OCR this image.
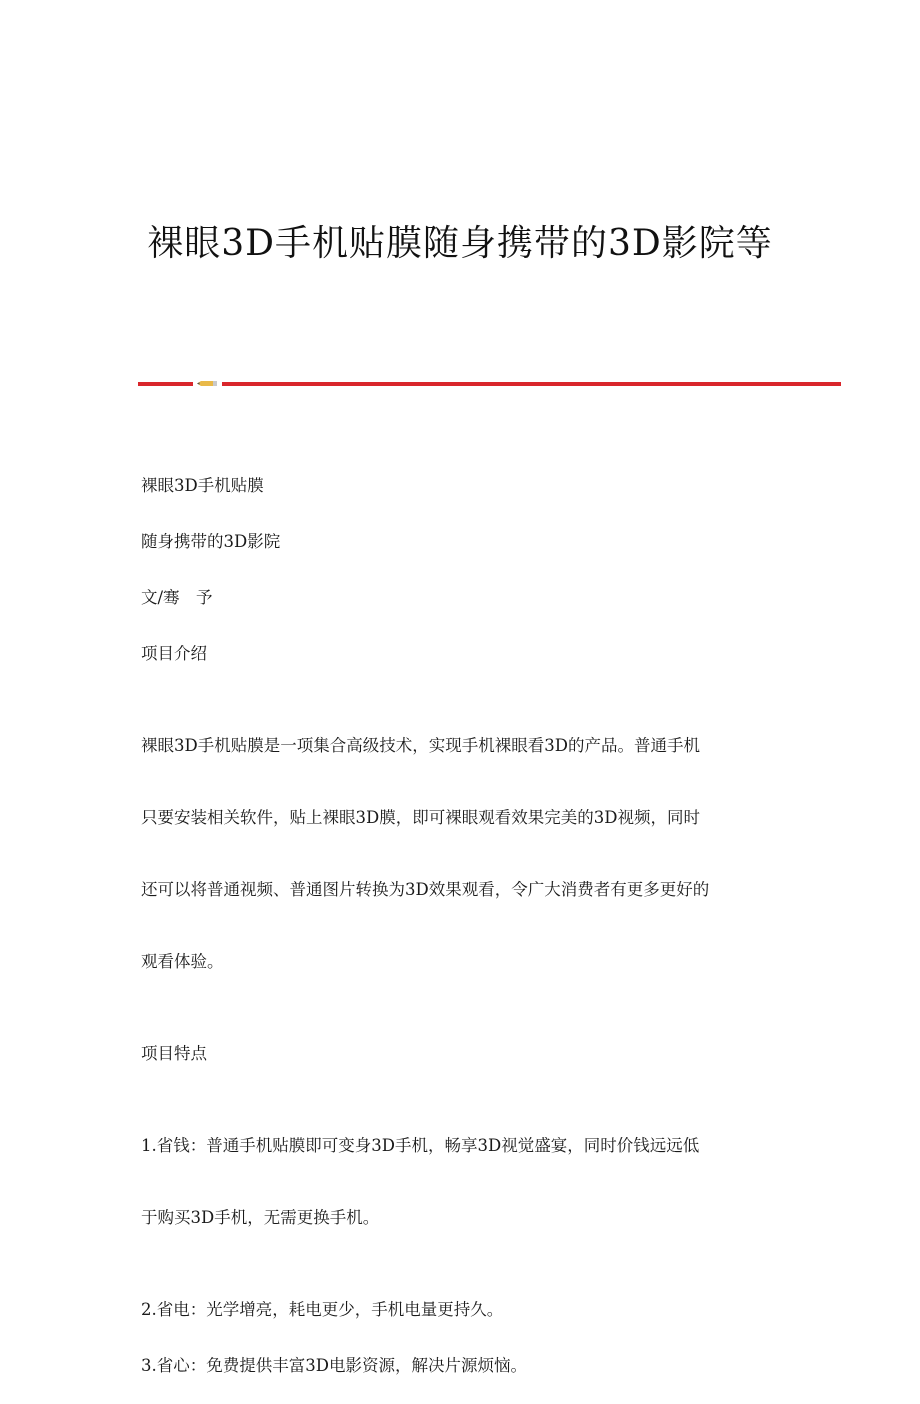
裸眼3D手机贴膜随身携带的3D影院等

裸眼3D手机贴膜

随身携带的3D影院

文/骞　予

项目介绍

裸眼3D手机贴膜是一项集合高级技术，实现手机裸眼看3D的产品。普通手机

只要安装相关软件，贴上裸眼3D膜，即可裸眼观看效果完美的3D视频，同时

还可以将普通视频、普通图片转换为3D效果观看，令广大消费者有更多更好的

观看体验。

项目特点

1.省钱：普通手机贴膜即可变身3D手机，畅享3D视觉盛宴，同时价钱远远低

于购买3D手机，无需更换手机。

2.省电：光学增亮，耗电更少，手机电量更持久。

3.省心：免费提供丰富3D电影资源，解决片源烦恼。
